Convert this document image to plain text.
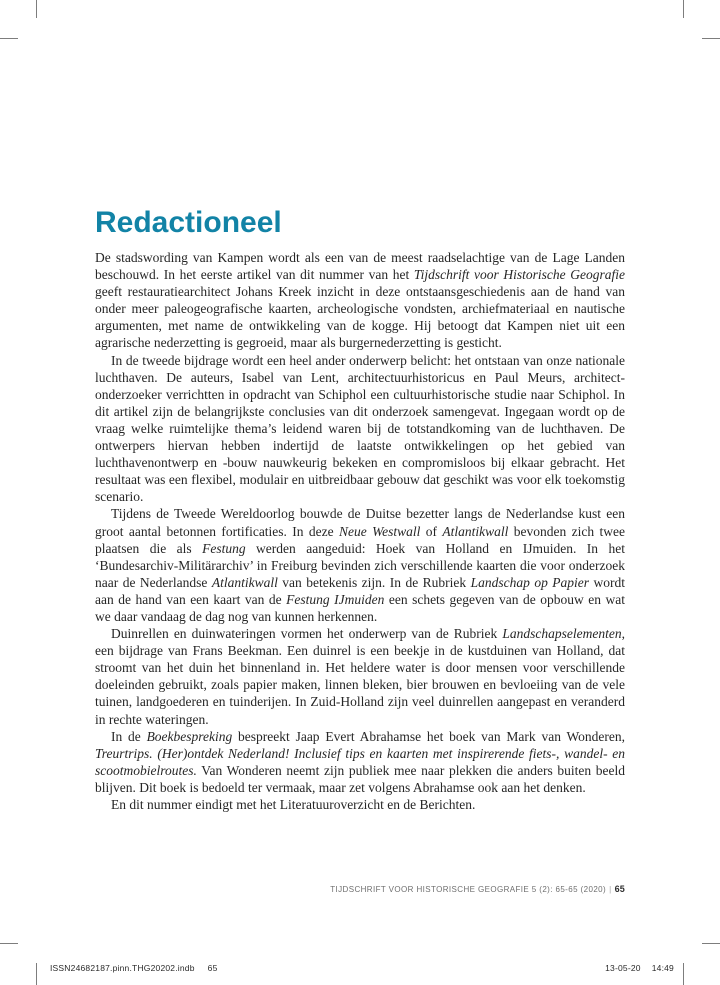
Redactioneel

De stadswording van Kampen wordt als een van de meest raadselachtige van de Lage Landen beschouwd. In het eerste artikel van dit nummer van het Tijdschrift voor Historische Geografie geeft restauratiearchitect Johans Kreek inzicht in deze ontstaansgeschiedenis aan de hand van onder meer paleogeografische kaarten, archeologische vondsten, archiefmateriaal en nautische argumenten, met name de ontwikkeling van de kogge. Hij betoogt dat Kampen niet uit een agrarische nederzetting is gegroeid, maar als burgernederzetting is gesticht.

In de tweede bijdrage wordt een heel ander onderwerp belicht: het ontstaan van onze nationale luchthaven. De auteurs, Isabel van Lent, architectuurhistoricus en Paul Meurs, architect-onderzoeker verrichtten in opdracht van Schiphol een cultuurhistorische studie naar Schiphol. In dit artikel zijn de belangrijkste conclusies van dit onderzoek samengevat. Ingegaan wordt op de vraag welke ruimtelijke thema’s leidend waren bij de totstandkoming van de luchthaven. De ontwerpers hiervan hebben indertijd de laatste ontwikkelingen op het gebied van luchthavenontwerp en -bouw nauwkeurig bekeken en compromisloos bij elkaar gebracht. Het resultaat was een flexibel, modulair en uitbreidbaar gebouw dat geschikt was voor elk toekomstig scenario.

Tijdens de Tweede Wereldoorlog bouwde de Duitse bezetter langs de Nederlandse kust een groot aantal betonnen fortificaties. In deze Neue Westwall of Atlantikwall bevonden zich twee plaatsen die als Festung werden aangeduid: Hoek van Holland en IJmuiden. In het ‘Bundesarchiv-Militärarchiv’ in Freiburg bevinden zich verschillende kaarten die voor onderzoek naar de Nederlandse Atlantikwall van betekenis zijn. In de Rubriek Landschap op Papier wordt aan de hand van een kaart van de Festung IJmuiden een schets gegeven van de opbouw en wat we daar vandaag de dag nog van kunnen herkennen.

Duinrellen en duinwateringen vormen het onderwerp van de Rubriek Landschapselementen, een bijdrage van Frans Beekman. Een duinrel is een beekje in de kustduinen van Holland, dat stroomt van het duin het binnenland in. Het heldere water is door mensen voor verschillende doeleinden gebruikt, zoals papier maken, linnen bleken, bier brouwen en bevloeiing van de vele tuinen, landgoederen en tuinderijen. In Zuid-Holland zijn veel duinrellen aangepast en veranderd in rechte wateringen.

In de Boekbespreking bespreekt Jaap Evert Abrahamse het boek van Mark van Wonderen, Treurtrips. (Her)ontdek Nederland! Inclusief tips en kaarten met inspirerende fiets-, wandel- en scootmobielroutes. Van Wonderen neemt zijn publiek mee naar plekken die anders buiten beeld blijven. Dit boek is bedoeld ter vermaak, maar zet volgens Abrahamse ook aan het denken.

En dit nummer eindigt met het Literatuuroverzicht en de Berichten.

TIJDSCHRIFT VOOR HISTORISCHE GEOGRAFIE 5 (2): 65-65 (2020) | 65
ISSN24682187.pinn.THG20202.indb 65	13-05-20 14:49
